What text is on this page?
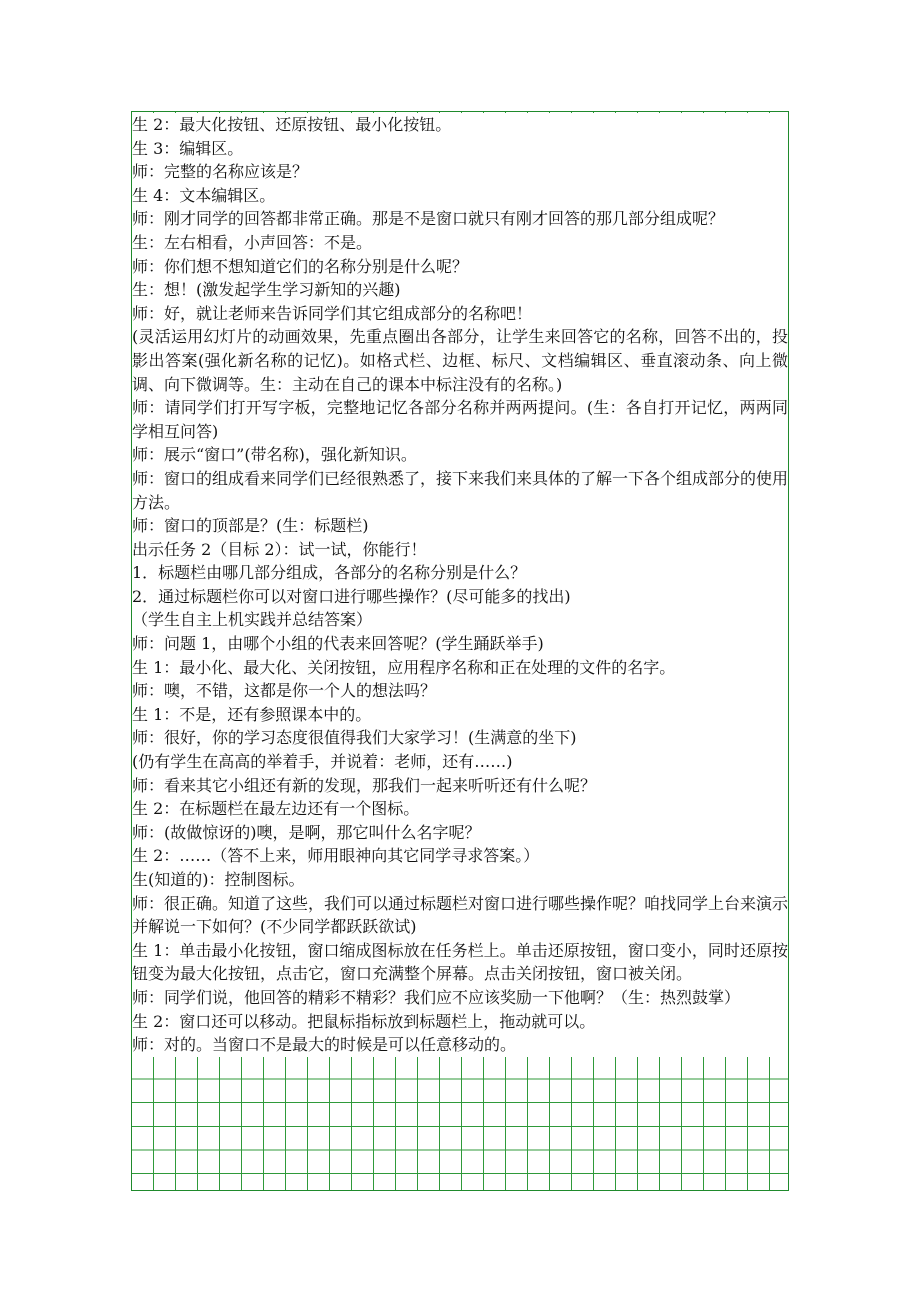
生 2：最大化按钮、还原按钮、最小化按钮。

生 3：编辑区。

师：完整的名称应该是？

生 4：文本编辑区。

师：刚才同学的回答都非常正确。那是不是窗口就只有刚才回答的那几部分组成呢？

生：左右相看，小声回答：不是。

师：你们想不想知道它们的名称分别是什么呢？

生：想！(激发起学生学习新知的兴趣)

师：好，就让老师来告诉同学们其它组成部分的名称吧！

(灵活运用幻灯片的动画效果，先重点圈出各部分，让学生来回答它的名称，回答不出的，投影出答案(强化新名称的记忆)。如格式栏、边框、标尺、文档编辑区、垂直滚动条、向上微调、向下微调等。生：主动在自己的课本中标注没有的名称。)

师：请同学们打开写字板，完整地记忆各部分名称并两两提问。(生：各自打开记忆，两两同学相互问答)

师：展示“窗口”(带名称)，强化新知识。

师：窗口的组成看来同学们已经很熟悉了，接下来我们来具体的了解一下各个组成部分的使用方法。

师：窗口的顶部是？(生：标题栏)

出示任务 2（目标 2）：试一试，你能行！

1．标题栏由哪几部分组成，各部分的名称分别是什么？

2．通过标题栏你可以对窗口进行哪些操作？(尽可能多的找出)

（学生自主上机实践并总结答案）

师：问题 1，由哪个小组的代表来回答呢？(学生踊跃举手)

生 1：最小化、最大化、关闭按钮，应用程序名称和正在处理的文件的名字。

师：噢，不错，这都是你一个人的想法吗？

生 1：不是，还有参照课本中的。

师：很好，你的学习态度很值得我们大家学习！(生满意的坐下)

(仍有学生在高高的举着手，并说着：老师，还有……)

师：看来其它小组还有新的发现，那我们一起来听听还有什么呢？

生 2：在标题栏在最左边还有一个图标。

师：(故做惊讶的)噢，是啊，那它叫什么名字呢？

生 2：……（答不上来，师用眼神向其它同学寻求答案。）

生(知道的)：控制图标。

师：很正确。知道了这些，我们可以通过标题栏对窗口进行哪些操作呢？咱找同学上台来演示并解说一下如何？(不少同学都跃跃欲试)

生 1：单击最小化按钮，窗口缩成图标放在任务栏上。单击还原按钮，窗口变小，同时还原按钮变为最大化按钮，点击它，窗口充满整个屏幕。点击关闭按钮，窗口被关闭。

师：同学们说，他回答的精彩不精彩？我们应不应该奖励一下他啊？（生：热烈鼓掌）

生 2：窗口还可以移动。把鼠标指标放到标题栏上，拖动就可以。

师：对的。当窗口不是最大的时候是可以任意移动的。
